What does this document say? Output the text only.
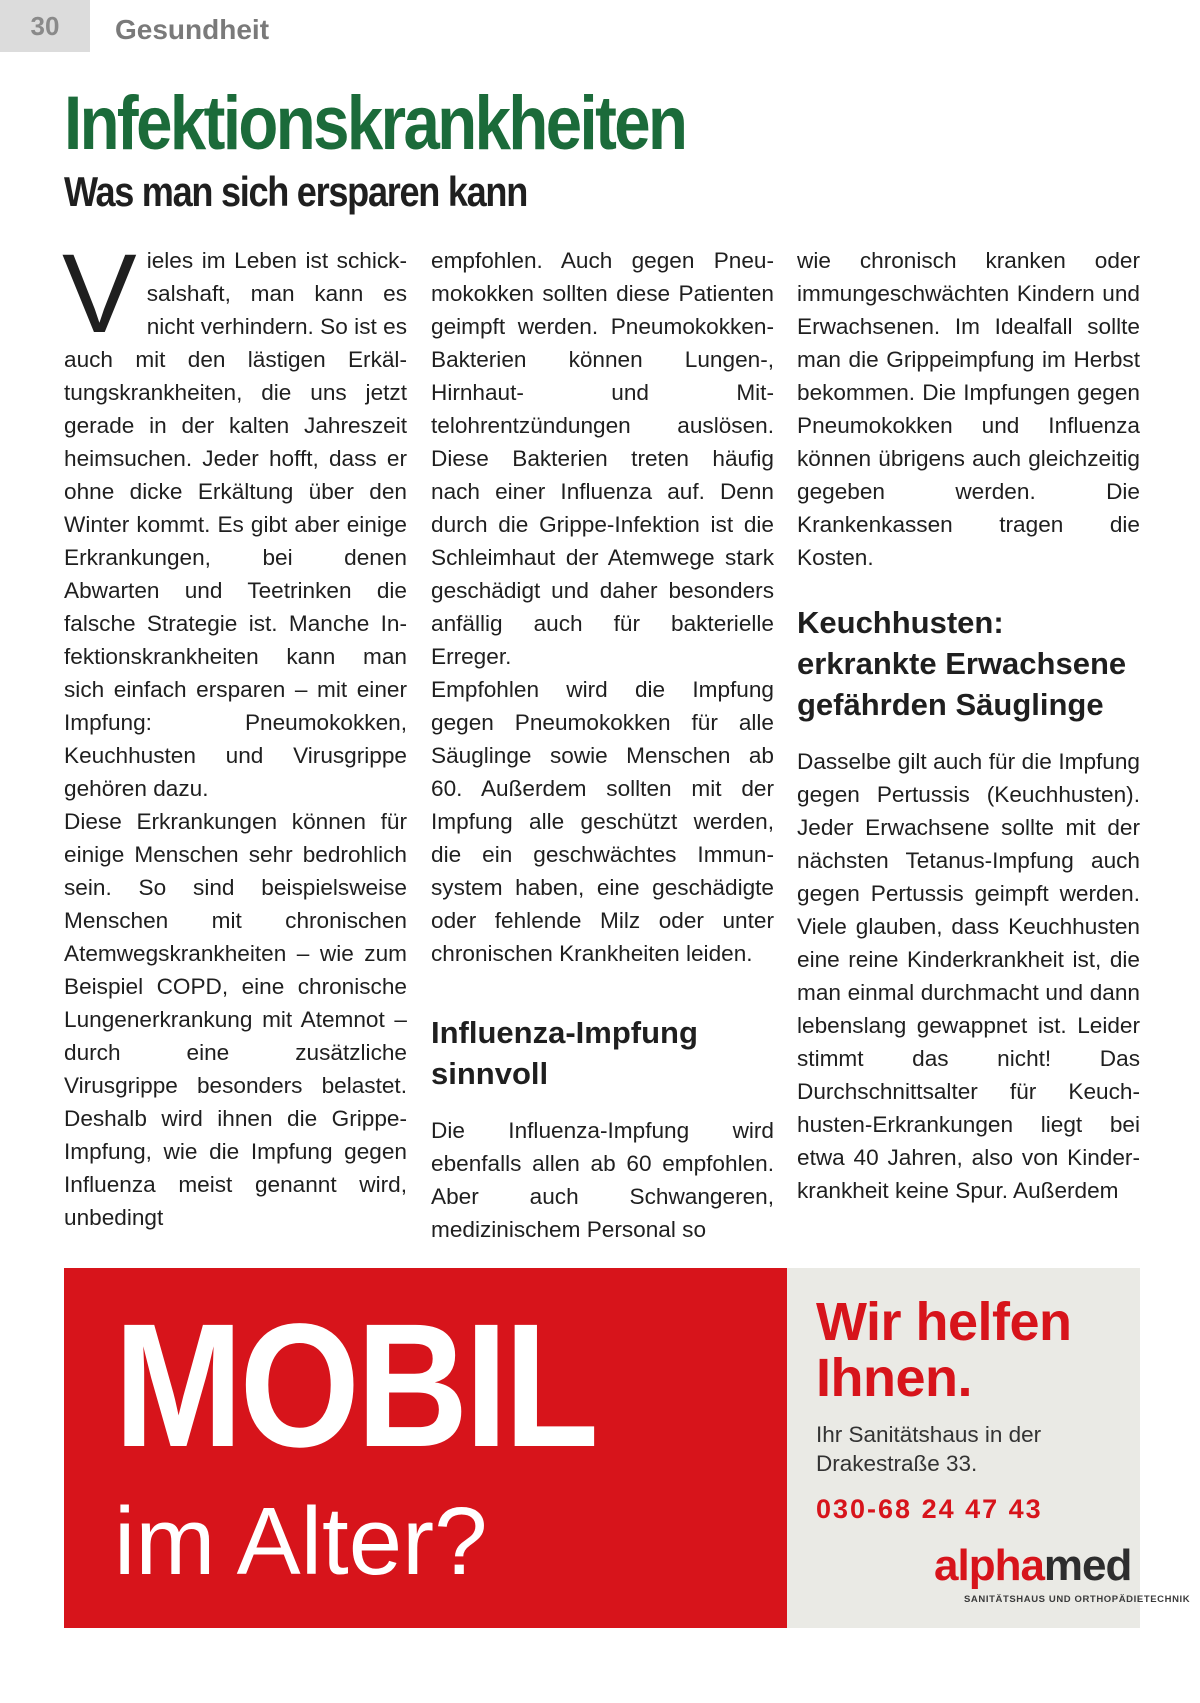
30	Gesundheit
Infektionskrankheiten
Was man sich ersparen kann
V ieles im Leben ist schicksalshaft, man kann es nicht verhindern. So ist es auch mit den lästigen Erkältungskrankheiten, die uns jetzt gerade in der kalten Jahreszeit heimsuchen. Jeder hofft, dass er ohne dicke Erkältung über den Winter kommt. Es gibt aber einige Erkrankungen, bei denen Abwarten und Teetrinken die falsche Strategie ist. Manche Infektionskrankheiten kann man sich einfach ersparen – mit einer Impfung: Pneumokokken, Keuchhusten und Virusgrippe gehören dazu.

Diese Erkrankungen können für einige Menschen sehr bedrohlich sein. So sind beispielsweise Menschen mit chronischen Atemwegskrankheiten – wie zum Beispiel COPD, eine chronische Lungenerkrankung mit Atemnot – durch eine zusätzliche Virusgrippe besonders belastet. Deshalb wird ihnen die Grippe-Impfung, wie die Impfung gegen Influenza meist genannt wird, unbedingt

empfohlen. Auch gegen Pneumokokken sollten diese Patienten geimpft werden. Pneumokokken-Bakterien können Lungen-, Hirnhaut- und Mittelohrentzündungen auslösen. Diese Bakterien treten häufig nach einer Influenza auf. Denn durch die Grippe-Infektion ist die Schleimhaut der Atemwege stark geschädigt und daher besonders anfällig auch für bakterielle Erreger.

Empfohlen wird die Impfung gegen Pneumokokken für alle Säuglinge sowie Menschen ab 60. Außerdem sollten mit der Impfung alle geschützt werden, die ein geschwächtes Immunsystem haben, eine geschädigte oder fehlende Milz oder unter chronischen Krankheiten leiden.

Influenza-Impfung sinnvoll

Die Influenza-Impfung wird ebenfalls allen ab 60 empfohlen. Aber auch Schwangeren, medizinischem Personal so

wie chronisch kranken oder immungeschwächten Kindern und Erwachsenen. Im Idealfall sollte man die Grippeimpfung im Herbst bekommen. Die Impfungen gegen Pneumokokken und Influenza können übrigens auch gleichzeitig gegeben werden. Die Krankenkassen tragen die Kosten.

Keuchhusten: erkrankte Erwachsene gefährden Säuglinge

Dasselbe gilt auch für die Impfung gegen Pertussis (Keuchhusten). Jeder Erwachsene sollte mit der nächsten Tetanus-Impfung auch gegen Pertussis geimpft werden. Viele glauben, dass Keuchhusten eine reine Kinderkrankheit ist, die man einmal durchmacht und dann lebenslang gewappnet ist. Leider stimmt das nicht! Das Durchschnittsalter für Keuchhusten-Erkrankungen liegt bei etwa 40 Jahren, also von Kinderkrankheit keine Spur. Außerdem

MOBIL
im Alter?
Wir helfen
Ihnen.
Ihr Sanitätshaus in der
Drakestraße 33.
030-68 24 47 43
alphamed
SANITÄTSHAUS UND ORTHOPÄDIETECHNIK
